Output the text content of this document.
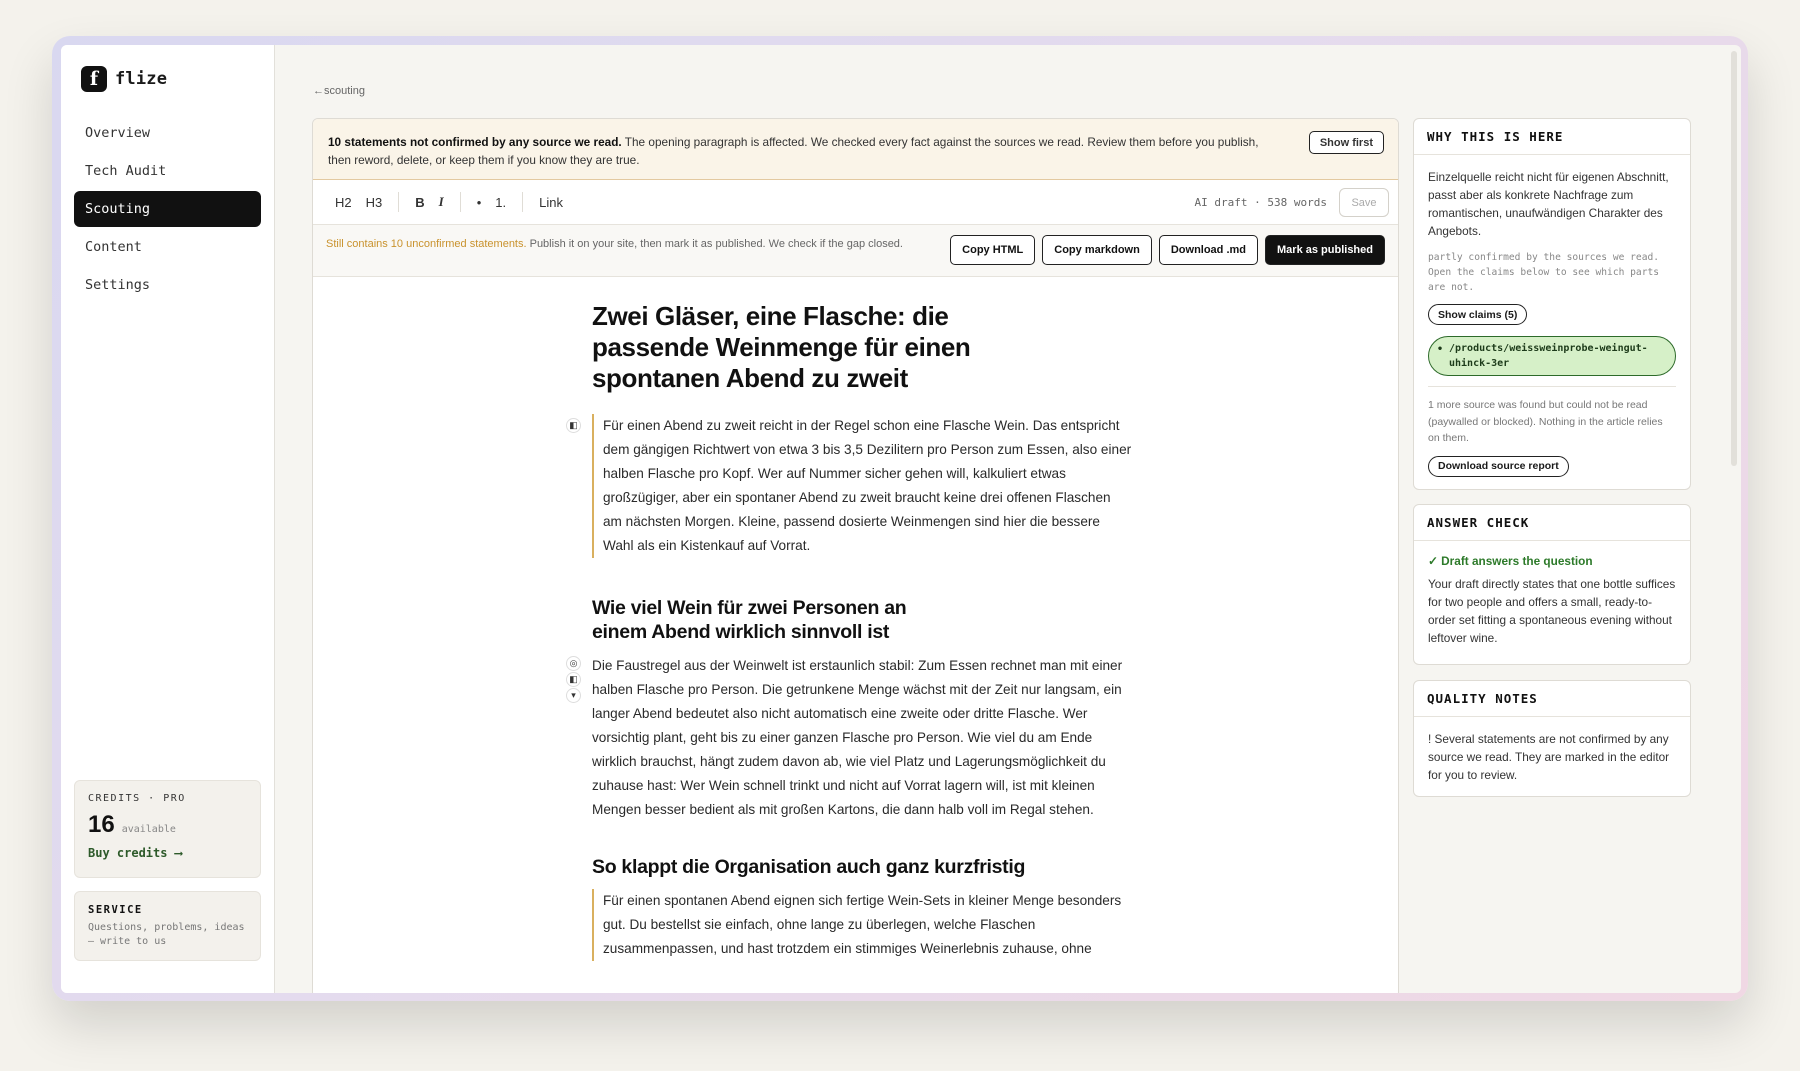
f flize
Overview
Tech Audit
Scouting
Content
Settings
CREDITS · PRO
16 available
Buy credits ⟶
SERVICE
Questions, problems, ideas — write to us
←scouting
10 statements not confirmed by any source we read. The opening paragraph is affected. We checked every fact against the sources we read. Review them before you publish, then reword, delete, or keep them if you know they are true.
Show first
H2	H3	B	I	•	1.	Link	AI draft · 538 words	Save
Still contains 10 unconfirmed statements. Publish it on your site, then mark it as published. We check if the gap closed.	Copy HTML	Copy markdown	Download .md	Mark as published
Zwei Gläser, eine Flasche: die passende Weinmenge für einen spontanen Abend zu zweit
◧	Für einen Abend zu zweit reicht in der Regel schon eine Flasche Wein. Das entspricht dem gängigen Richtwert von etwa 3 bis 3,5 Dezilitern pro Person zum Essen, also einer halben Flasche pro Kopf. Wer auf Nummer sicher gehen will, kalkuliert etwas großzügiger, aber ein spontaner Abend zu zweit braucht keine drei offenen Flaschen am nächsten Morgen. Kleine, passend dosierte Weinmengen sind hier die bessere Wahl als ein Kistenkauf auf Vorrat.

Wie viel Wein für zwei Personen an einem Abend wirklich sinnvoll ist
◎
◧
▾

Die Faustregel aus der Weinwelt ist erstaunlich stabil: Zum Essen rechnet man mit einer halben Flasche pro Person. Die getrunkene Menge wächst mit der Zeit nur langsam, ein langer Abend bedeutet also nicht automatisch eine zweite oder dritte Flasche. Wer vorsichtig plant, geht bis zu einer ganzen Flasche pro Person. Wie viel du am Ende wirklich brauchst, hängt zudem davon ab, wie viel Platz und Lagerungsmöglichkeit du zuhause hast: Wer Wein schnell trinkt und nicht auf Vorrat lagern will, ist mit kleinen Mengen besser bedient als mit großen Kartons, die dann halb voll im Regal stehen.

So klappt die Organisation auch ganz kurzfristig

Für einen spontanen Abend eignen sich fertige Wein-Sets in kleiner Menge besonders gut. Du bestellst sie einfach, ohne lange zu überlegen, welche Flaschen zusammenpassen, und hast trotzdem ein stimmiges Weinerlebnis zuhause, ohne

WHY THIS IS HERE
Einzelquelle reicht nicht für eigenen Abschnitt, passt aber als konkrete Nachfrage zum romantischen, unaufwändigen Charakter des Angebots.
partly confirmed by the sources we read. Open the claims below to see which parts are not.
Show claims (5)
• /products/weissweinprobe-weingut-uhinck-3er
1 more source was found but could not be read (paywalled or blocked). Nothing in the article relies on them.
Download source report
ANSWER CHECK
✓ Draft answers the question
Your draft directly states that one bottle suffices for two people and offers a small, ready-to-order set fitting a spontaneous evening without leftover wine.
QUALITY NOTES
! Several statements are not confirmed by any source we read. They are marked in the editor for you to review.
